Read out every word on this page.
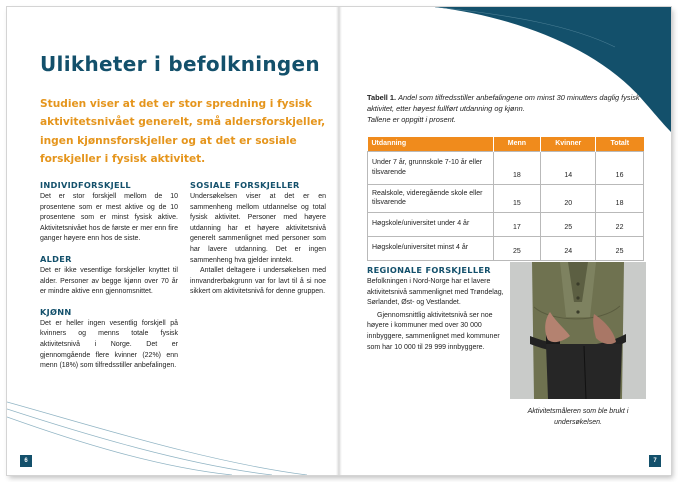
Ulikheter i befolkningen
Studien viser at det er stor spredning i fysisk aktivitetsnivået generelt, små aldersforskjeller, ingen kjønnsforskjeller og at det er sosiale forskjeller i fysisk aktivitet.
INDIVIDFORSKJELL

Det er stor forskjell mellom de 10 prosentene som er mest aktive og de 10 prosentene som er minst fysisk aktive. Aktivitetsnivået hos de første er mer enn fire ganger høyere enn hos de siste.

ALDER

Det er ikke vesentlige forskjeller knyttet til alder. Personer av begge kjønn over 70 år er mindre aktive enn gjennomsnittet.

KJØNN

Det er heller ingen vesentlig forskjell på kvinners og menns totale fysisk aktivitetsnivå i Norge. Det er gjennomgående flere kvinner (22%) enn menn (18%) som tilfredsstiller anbefalingen.

SOSIALE FORSKJELLER

Undersøkelsen viser at det er en sammenheng mellom utdannelse og total fysisk aktivitet. Personer med høyere utdanning har et høyere aktivitetsnivå generelt sammenlignet med personer som har lavere utdanning. Det er ingen sammenheng hva gjelder inntekt.

Antallet deltagere i undersøkelsen med innvandrerbakgrunn var for lavt til å si noe sikkert om aktivitetsnivå for denne gruppen.

6
Tabell 1. Andel som tilfredsstiller anbefalingene om minst 30 minutters daglig fysisk aktivitet, etter høyest fullført utdanning og kjønn.
Tallene er oppgitt i prosent.
Utdanning	Menn	Kvinner	Totalt
Under 7 år, grunnskole 7-10 år eller tilsvarende	18	14	16
Realskole, videregående skole eller tilsvarende	15	20	18
Høgskole/universitet under 4 år	17	25	22
Høgskole/universitet minst 4 år	25	24	25
REGIONALE FORSKJELLER

Befolkningen i Nord-Norge har et lavere aktivitetsnivå sammenlignet med Trøndelag, Sørlandet, Øst- og Vestlandet.

Gjennomsnittlig aktivitetsnivå ser noe høyere i kommuner med over 30 000 innbyggere, sammenlignet med kommuner som har 10 000 til 29 999 innbyggere.

Aktivitetsmåleren som ble brukt i undersøkelsen.
7
